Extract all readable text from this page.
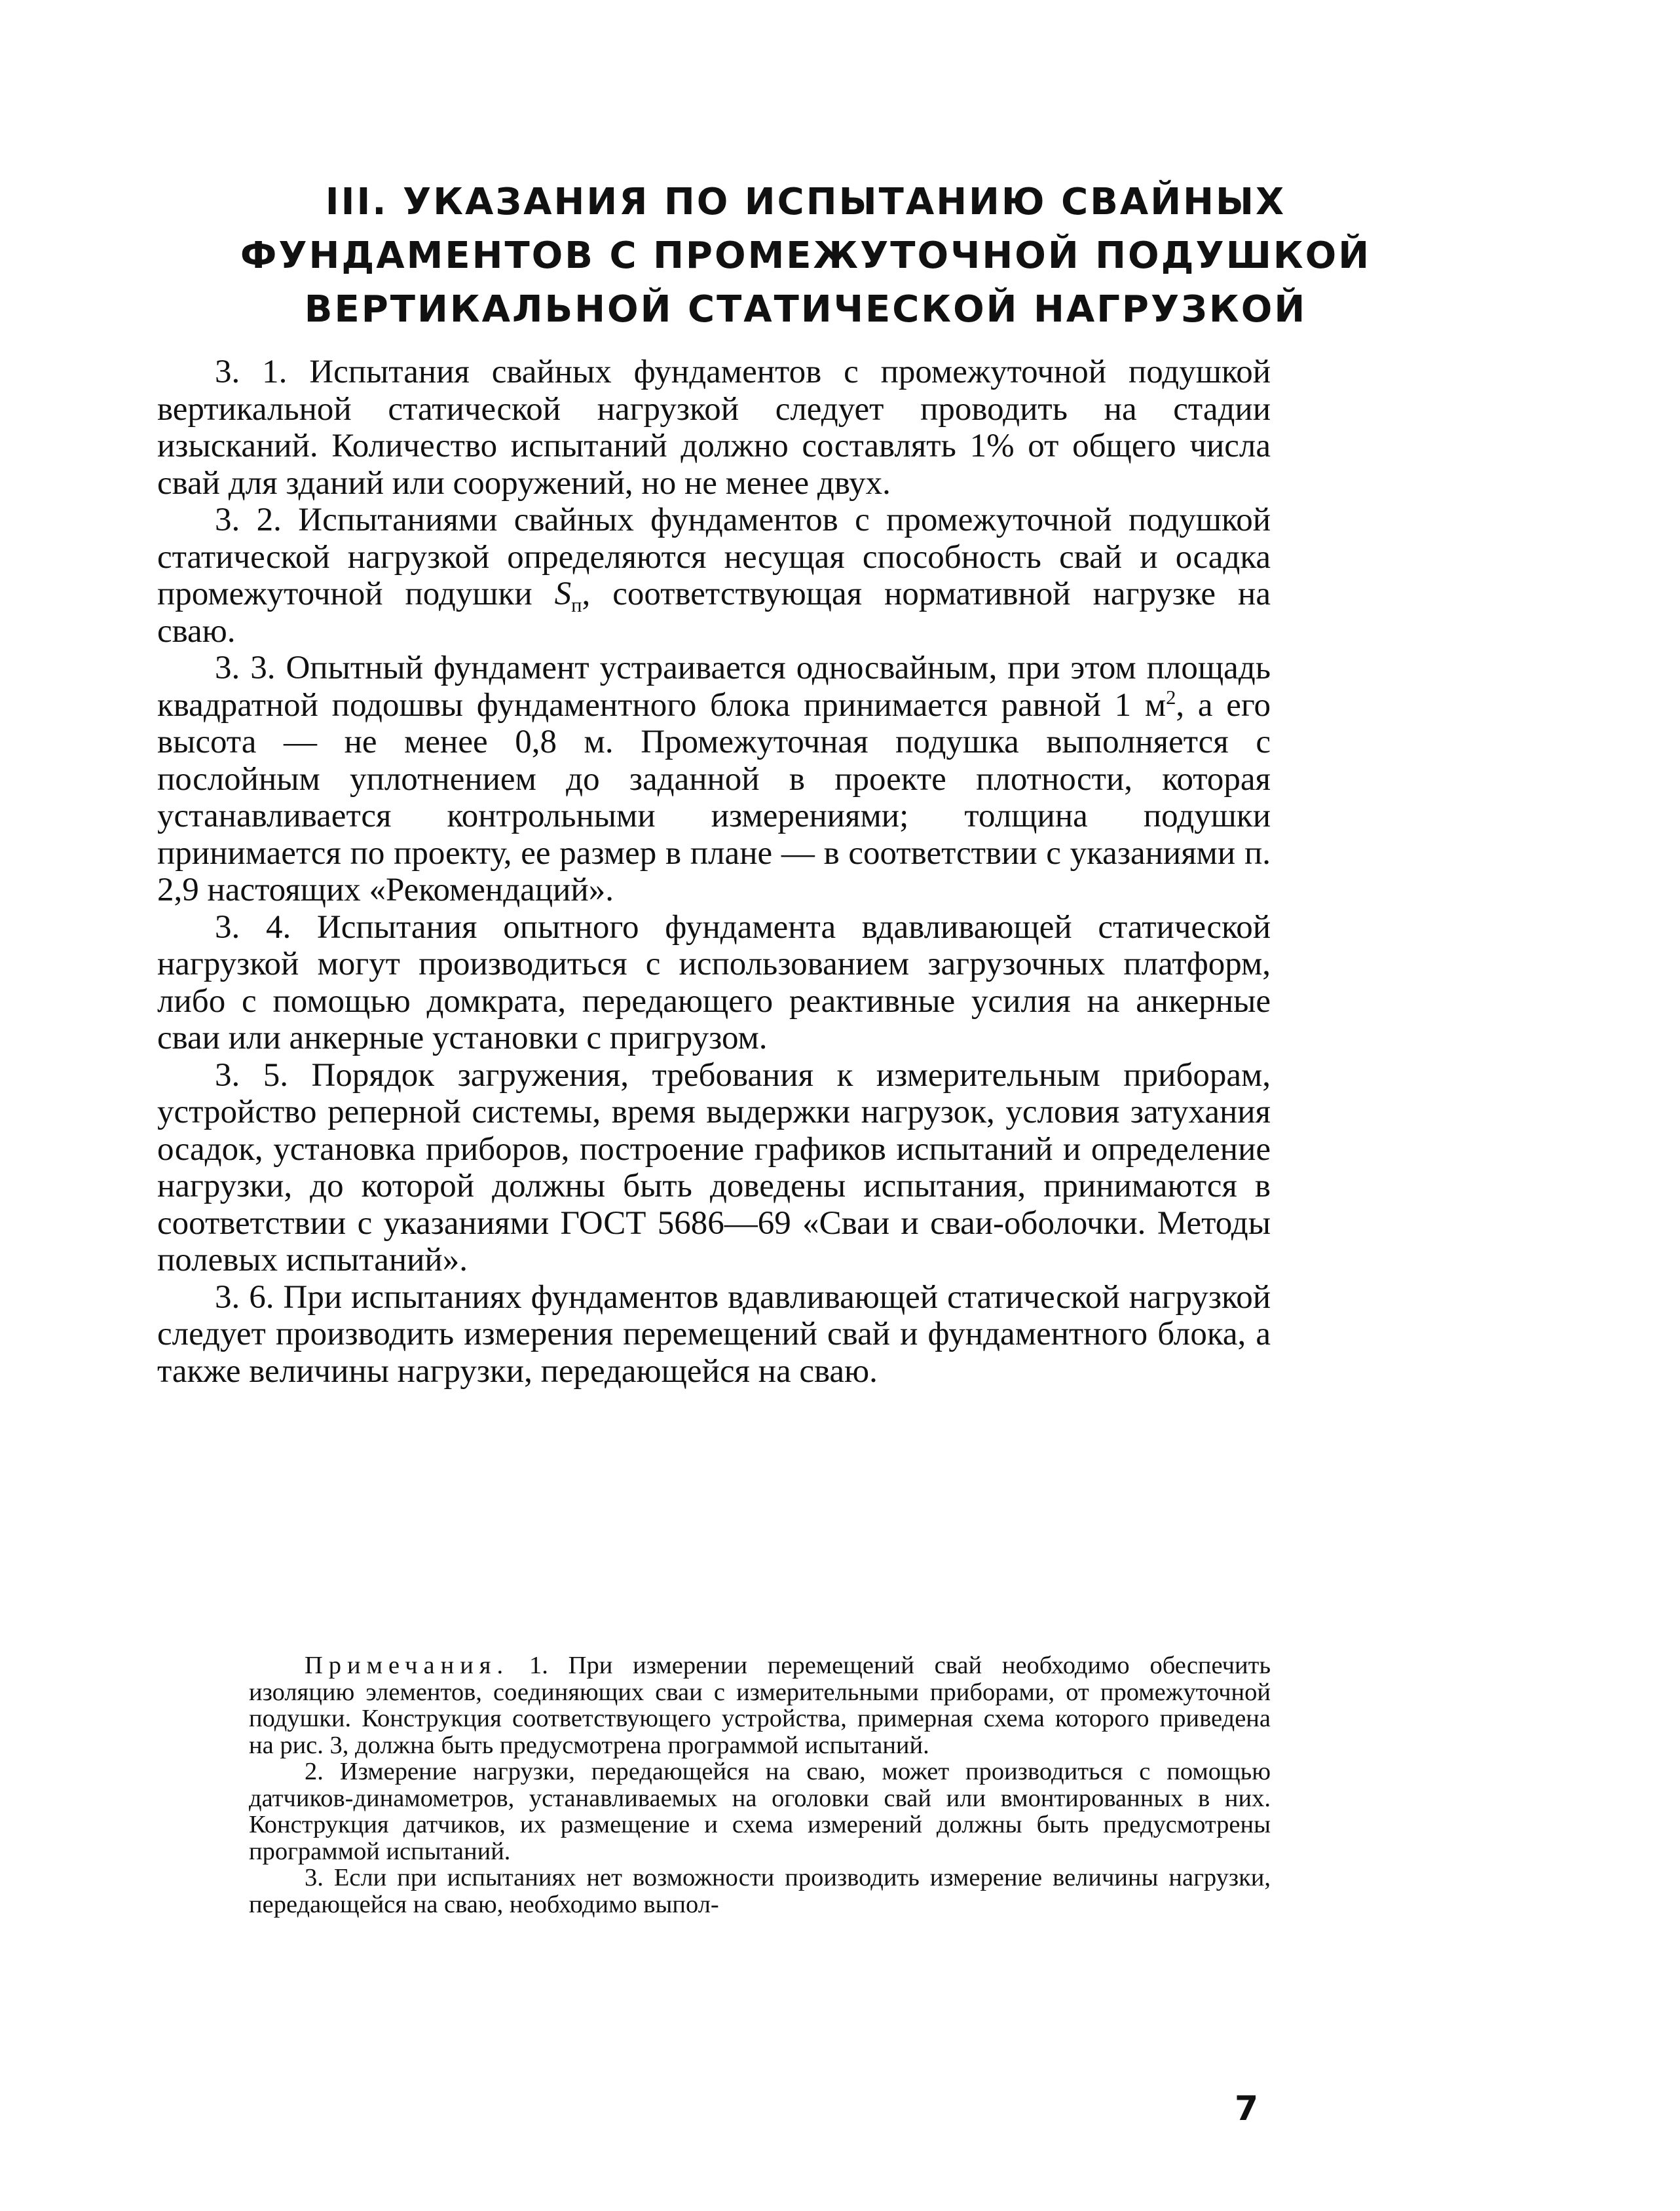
III. УКАЗАНИЯ ПО ИСПЫТАНИЮ СВАЙНЫХ
ФУНДАМЕНТОВ С ПРОМЕЖУТОЧНОЙ ПОДУШКОЙ
ВЕРТИКАЛЬНОЙ СТАТИЧЕСКОЙ НАГРУЗКОЙ

3. 1. Испытания свайных фундаментов с промежуточной подушкой вертикальной статической нагрузкой следует проводить на стадии изысканий. Количество испытаний должно составлять 1% от общего числа свай для зданий или сооружений, но не менее двух.

3. 2. Испытаниями свайных фундаментов с промежуточной подушкой статической нагрузкой определяются несущая способность свай и осадка промежуточной подушки $S_п$, соответствующая нормативной нагрузке на сваю.

3. 3. Опытный фундамент устраивается односвайным, при этом площадь квадратной подошвы фундаментного блока принимается равной 1 $м^2$, а его высота — не менее 0,8 м. Промежуточная подушка выполняется с послойным уплотнением до заданной в проекте плотности, которая устанавливается контрольными измерениями; толщина подушки принимается по проекту, ее размер в плане — в соответствии с указаниями п. 2,9 настоящих «Рекомендаций».

3. 4. Испытания опытного фундамента вдавливающей статической нагрузкой могут производиться с использованием загрузочных платформ, либо с помощью домкрата, передающего реактивные усилия на анкерные сваи или анкерные установки с пригрузом.

3. 5. Порядок загружения, требования к измерительным приборам, устройство реперной системы, время выдержки нагрузок, условия затухания осадок, установка приборов, построение графиков испытаний и определение нагрузки, до которой должны быть доведены испытания, принимаются в соответствии с указаниями ГОСТ 5686—69 «Сваи и сваи-оболочки. Методы полевых испытаний».

3. 6. При испытаниях фундаментов вдавливающей статической нагрузкой следует производить измерения перемещений свай и фундаментного блока, а также величины нагрузки, передающейся на сваю.

Примечания. 1. При измерении перемещений свай необходимо обеспечить изоляцию элементов, соединяющих сваи с измерительными приборами, от промежуточной подушки. Конструкция соответствующего устройства, примерная схема которого приведена на рис. 3, должна быть предусмотрена программой испытаний.

2. Измерение нагрузки, передающейся на сваю, может производиться с помощью датчиков-динамометров, устанавливаемых на оголовки свай или вмонтированных в них. Конструкция датчиков, их размещение и схема измерений должны быть предусмотрены программой испытаний.

3. Если при испытаниях нет возможности производить измерение величины нагрузки, передающейся на сваю, необходимо выпол-

7
